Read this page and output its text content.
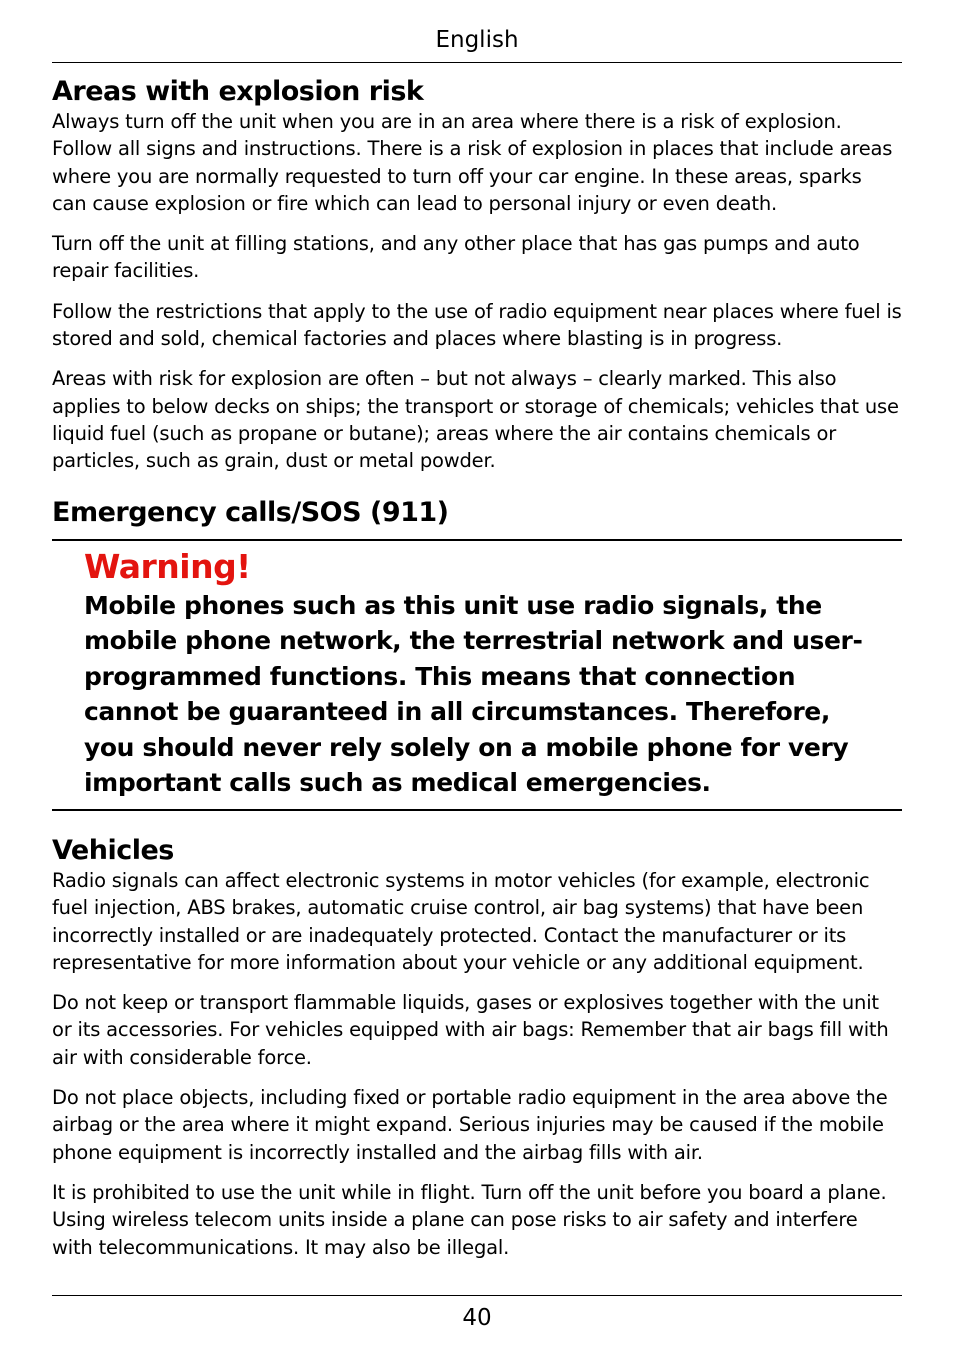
English
Areas with explosion risk

Always turn off the unit when you are in an area where there is a risk of explosion. Follow all signs and instructions. There is a risk of explosion in places that include areas where you are normally requested to turn off your car engine. In these areas, sparks can cause explosion or fire which can lead to personal injury or even death.

Turn off the unit at filling stations, and any other place that has gas pumps and auto repair facilities.

Follow the restrictions that apply to the use of radio equipment near places where fuel is stored and sold, chemical factories and places where blasting is in progress.

Areas with risk for explosion are often – but not always – clearly marked. This also applies to below decks on ships; the transport or storage of chemicals; vehicles that use liquid fuel (such as propane or butane); areas where the air contains chemicals or particles, such as grain, dust or metal powder.

Emergency calls/SOS (911)
Warning!

Mobile phones such as this unit use radio signals, the mobile phone network, the terrestrial network and user-programmed functions. This means that connection cannot be guaranteed in all circumstances. Therefore, you should never rely solely on a mobile phone for very important calls such as medical emergencies.

Vehicles

Radio signals can affect electronic systems in motor vehicles (for example, electronic fuel injection, ABS brakes, automatic cruise control, air bag systems) that have been incorrectly installed or are inadequately protected. Contact the manufacturer or its representative for more information about your vehicle or any additional equipment.

Do not keep or transport flammable liquids, gases or explosives together with the unit or its accessories. For vehicles equipped with air bags: Remember that air bags fill with air with considerable force.

Do not place objects, including fixed or portable radio equipment in the area above the airbag or the area where it might expand. Serious injuries may be caused if the mobile phone equipment is incorrectly installed and the airbag fills with air.

It is prohibited to use the unit while in flight. Turn off the unit before you board a plane. Using wireless telecom units inside a plane can pose risks to air safety and interfere with telecommunications. It may also be illegal.

40
